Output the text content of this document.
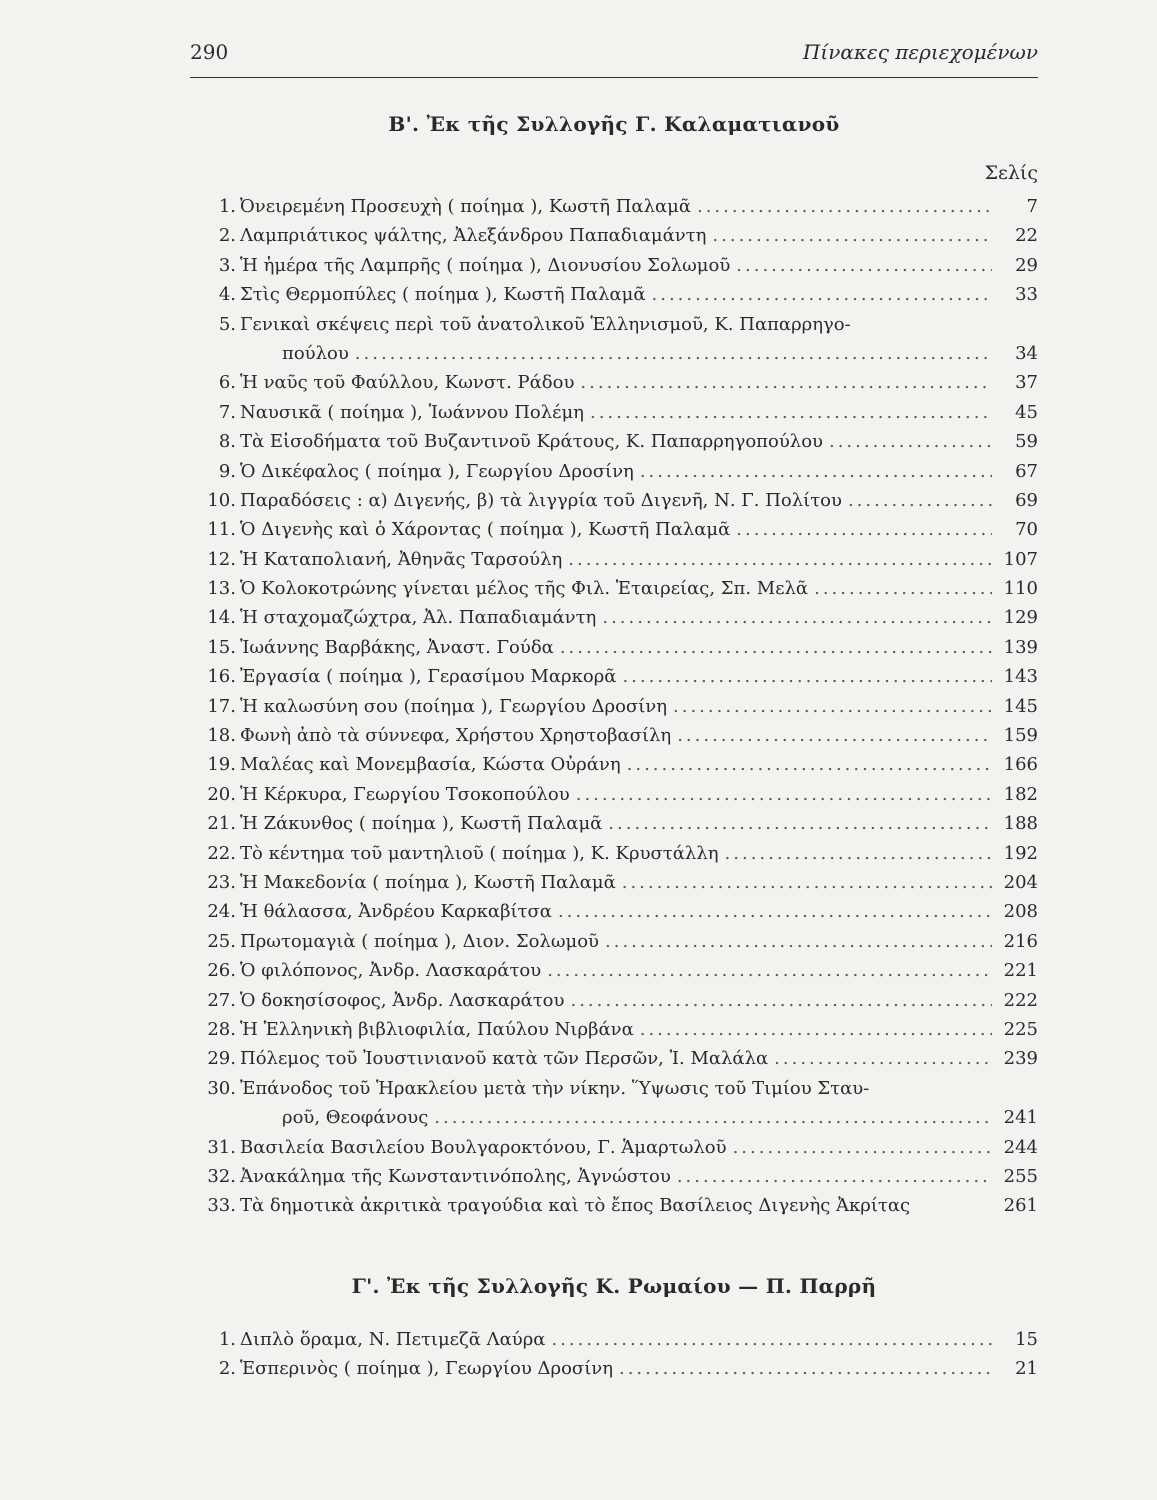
290	Πίνακες περιεχομένων
Β'. Ἐκ τῆς Συλλογῆς Γ. Καλαματιανοῦ
Σελίς
1. Ὀνειρεμένη Προσευχὴ ( ποίημα ), Κωστῆ Παλαμᾶ .....	7
2. Λαμπριάτικος ψάλτης, Ἀλεξάνδρου Παπαδιαμάντη .....	22
3. Ἡ ἡμέρα τῆς Λαμπρῆς ( ποίημα ), Διονυσίου Σολωμοῦ .....	29
4. Στὶς Θερμοπύλες ( ποίημα ), Κωστῆ Παλαμᾶ .....	33
5. Γενικαὶ σκέψεις περὶ τοῦ ἀνατολικοῦ Ἑλληνισμοῦ, Κ. Παπαρρηγο-
πούλου .....	34
6. Ἡ ναῦς τοῦ Φαύλλου, Κωνστ. Ράδου .....	37
7. Ναυσικᾶ ( ποίημα ), Ἰωάννου Πολέμη .....	45
8. Τὰ Εἰσοδήματα τοῦ Βυζαντινοῦ Κράτους, Κ. Παπαρρηγοπούλου .....	59
9. Ὁ Δικέφαλος ( ποίημα ), Γεωργίου Δροσίνη .....	67
10. Παραδόσεις : α) Διγενής, β) τὰ λιγγρία τοῦ Διγενῆ, Ν. Γ. Πολίτου .....	69
11. Ὁ Διγενὴς καὶ ὁ Χάροντας ( ποίημα ), Κωστῆ Παλαμᾶ .....	70
12. Ἡ Καταπολιανή, Ἀθηνᾶς Ταρσούλη .....	107
13. Ὁ Κολοκοτρώνης γίνεται μέλος τῆς Φιλ. Ἑταιρείας, Σπ. Μελᾶ .....	110
14. Ἡ σταχομαζώχτρα, Ἀλ. Παπαδιαμάντη .....	129
15. Ἰωάννης Βαρβάκης, Ἀναστ. Γούδα .....	139
16. Ἐργασία ( ποίημα ), Γερασίμου Μαρκορᾶ .....	143
17. Ἡ καλωσύνη σου (ποίημα ), Γεωργίου Δροσίνη .....	145
18. Φωνὴ ἀπὸ τὰ σύννεφα, Χρήστου Χρηστοβασίλη .....	159
19. Μαλέας καὶ Μονεμβασία, Κώστα Οὐράνη .....	166
20. Ἡ Κέρκυρα, Γεωργίου Τσοκοπούλου .....	182
21. Ἡ Ζάκυνθος ( ποίημα ), Κωστῆ Παλαμᾶ .....	188
22. Τὸ κέντημα τοῦ μαντηλιοῦ ( ποίημα ), Κ. Κρυστάλλη .....	192
23. Ἡ Μακεδονία ( ποίημα ), Κωστῆ Παλαμᾶ .....	204
24. Ἡ θάλασσα, Ἀνδρέου Καρκαβίτσα .....	208
25. Πρωτομαγιὰ ( ποίημα ), Διον. Σολωμοῦ .....	216
26. Ὁ φιλόπονος, Ἀνδρ. Λασκαράτου .....	221
27. Ὁ δοκησίσοφος, Ἀνδρ. Λασκαράτου .....	222
28. Ἡ Ἑλληνικὴ βιβλιοφιλία, Παύλου Νιρβάνα .....	225
29. Πόλεμος τοῦ Ἰουστινιανοῦ κατὰ τῶν Περσῶν, Ἰ. Μαλάλα .....	239
30. Ἐπάνοδος τοῦ Ἡρακλείου μετὰ τὴν νίκην. Ὕψωσις τοῦ Τιμίου Σταυ-
ροῦ, Θεοφάνους .....	241
31. Βασιλεία Βασιλείου Βουλγαροκτόνου, Γ. Ἁμαρτωλοῦ .....	244
32. Ἀνακάλημα τῆς Κωνσταντινόπολης, Ἀγνώστου .....	255
33. Τὰ δημοτικὰ ἀκριτικὰ τραγούδια καὶ τὸ ἔπος Βασίλειος Διγενὴς Ἀκρίτας	261
Γ'. Ἐκ τῆς Συλλογῆς Κ. Ρωμαίου — Π. Παρρῆ
1. Διπλὸ ὅραμα, Ν. Πετιμεζᾶ Λαύρα .....	15
2. Ἑσπερινὸς ( ποίημα ), Γεωργίου Δροσίνη .....	21
